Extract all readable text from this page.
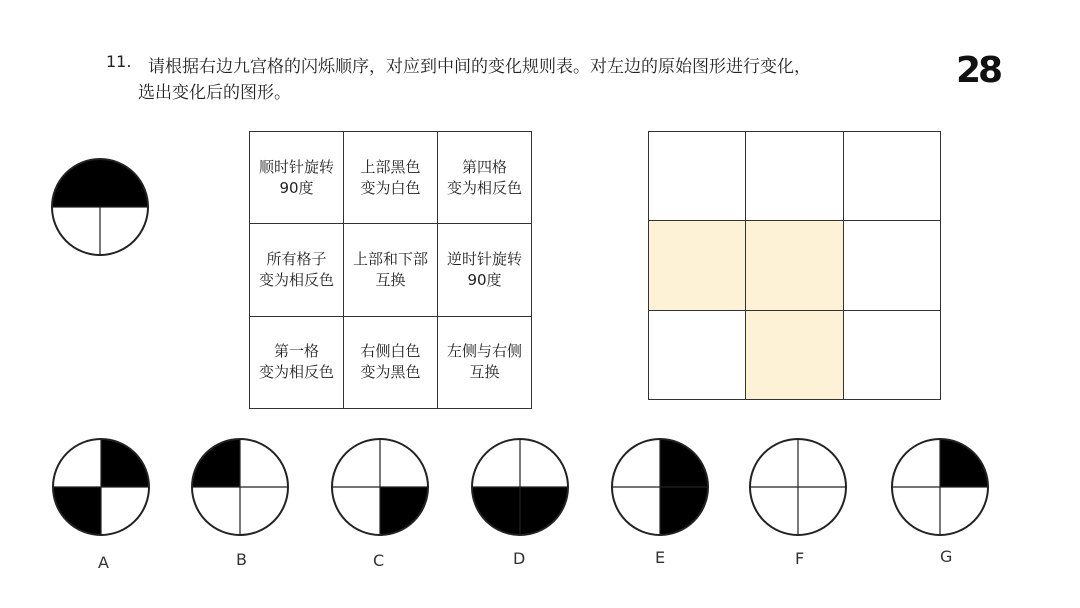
11. 请根据右边九宫格的闪烁顺序，对应到中间的变化规则表。对左边的原始图形进行变化，
选出变化后的图形。
28
顺时针旋转
90度	上部黑色
变为白色	第四格
变为相反色

所有格子
变为相反色	上部和下部
互换	逆时针旋转
90度

第一格
变为相反色	右侧白色
变为黑色	左侧与右侧
互换

A	B	C	D	E	F	G
